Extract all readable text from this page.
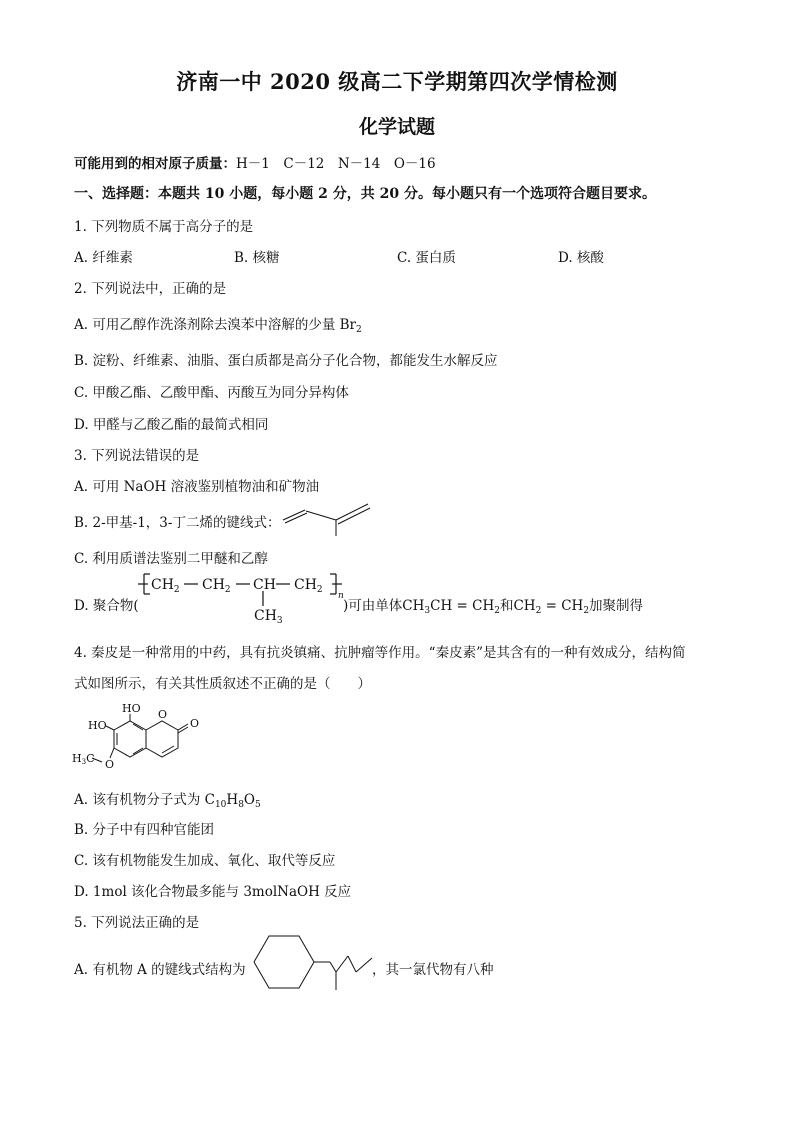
济南一中 2020 级高二下学期第四次学情检测
化学试题
可能用到的相对原子质量：H－1　C－12　N－14　O－16
一、选择题：本题共 10 小题，每小题 2 分，共 20 分。每小题只有一个选项符合题目要求。
1. 下列物质不属于高分子的是
A. 纤维素	B. 核糖	C. 蛋白质	D. 核酸
2. 下列说法中，正确的是
A. 可用乙醇作洗涤剂除去溴苯中溶解的少量 $Br_2$
B. 淀粉、纤维素、油脂、蛋白质都是高分子化合物，都能发生水解反应
C. 甲酸乙酯、乙酸甲酯、丙酸互为同分异构体
D. 甲醛与乙酸乙酯的最简式相同
3. 下列说法错误的是
A. 可用 NaOH 溶液鉴别植物油和矿物油
B. 2-甲基-1，3-丁二烯的键线式：
C. 利用质谱法鉴别二甲醚和乙醇
D. 聚合物(
$CH_2$ $CH_2$ CH $CH_2$
n
$CH_3$
)可由单体$CH_3CH = CH_2$和$CH_2 = CH_2$加聚制得
4. 秦皮是一种常用的中药，具有抗炎镇痛、抗肿瘤等作用。“秦皮素”是其含有的一种有效成分，结构简
式如图所示，有关其性质叙述不正确的是（　　）
HO
HO
O
O
O
H3C
A. 该有机物分子式为 $C_{10}H_8O_5$
B. 分子中有四种官能团
C. 该有机物能发生加成、氧化、取代等反应
D. 1mol 该化合物最多能与 3molNaOH 反应
5. 下列说法正确的是
A. 有机物 A 的键线式结构为	，其一氯代物有八种
